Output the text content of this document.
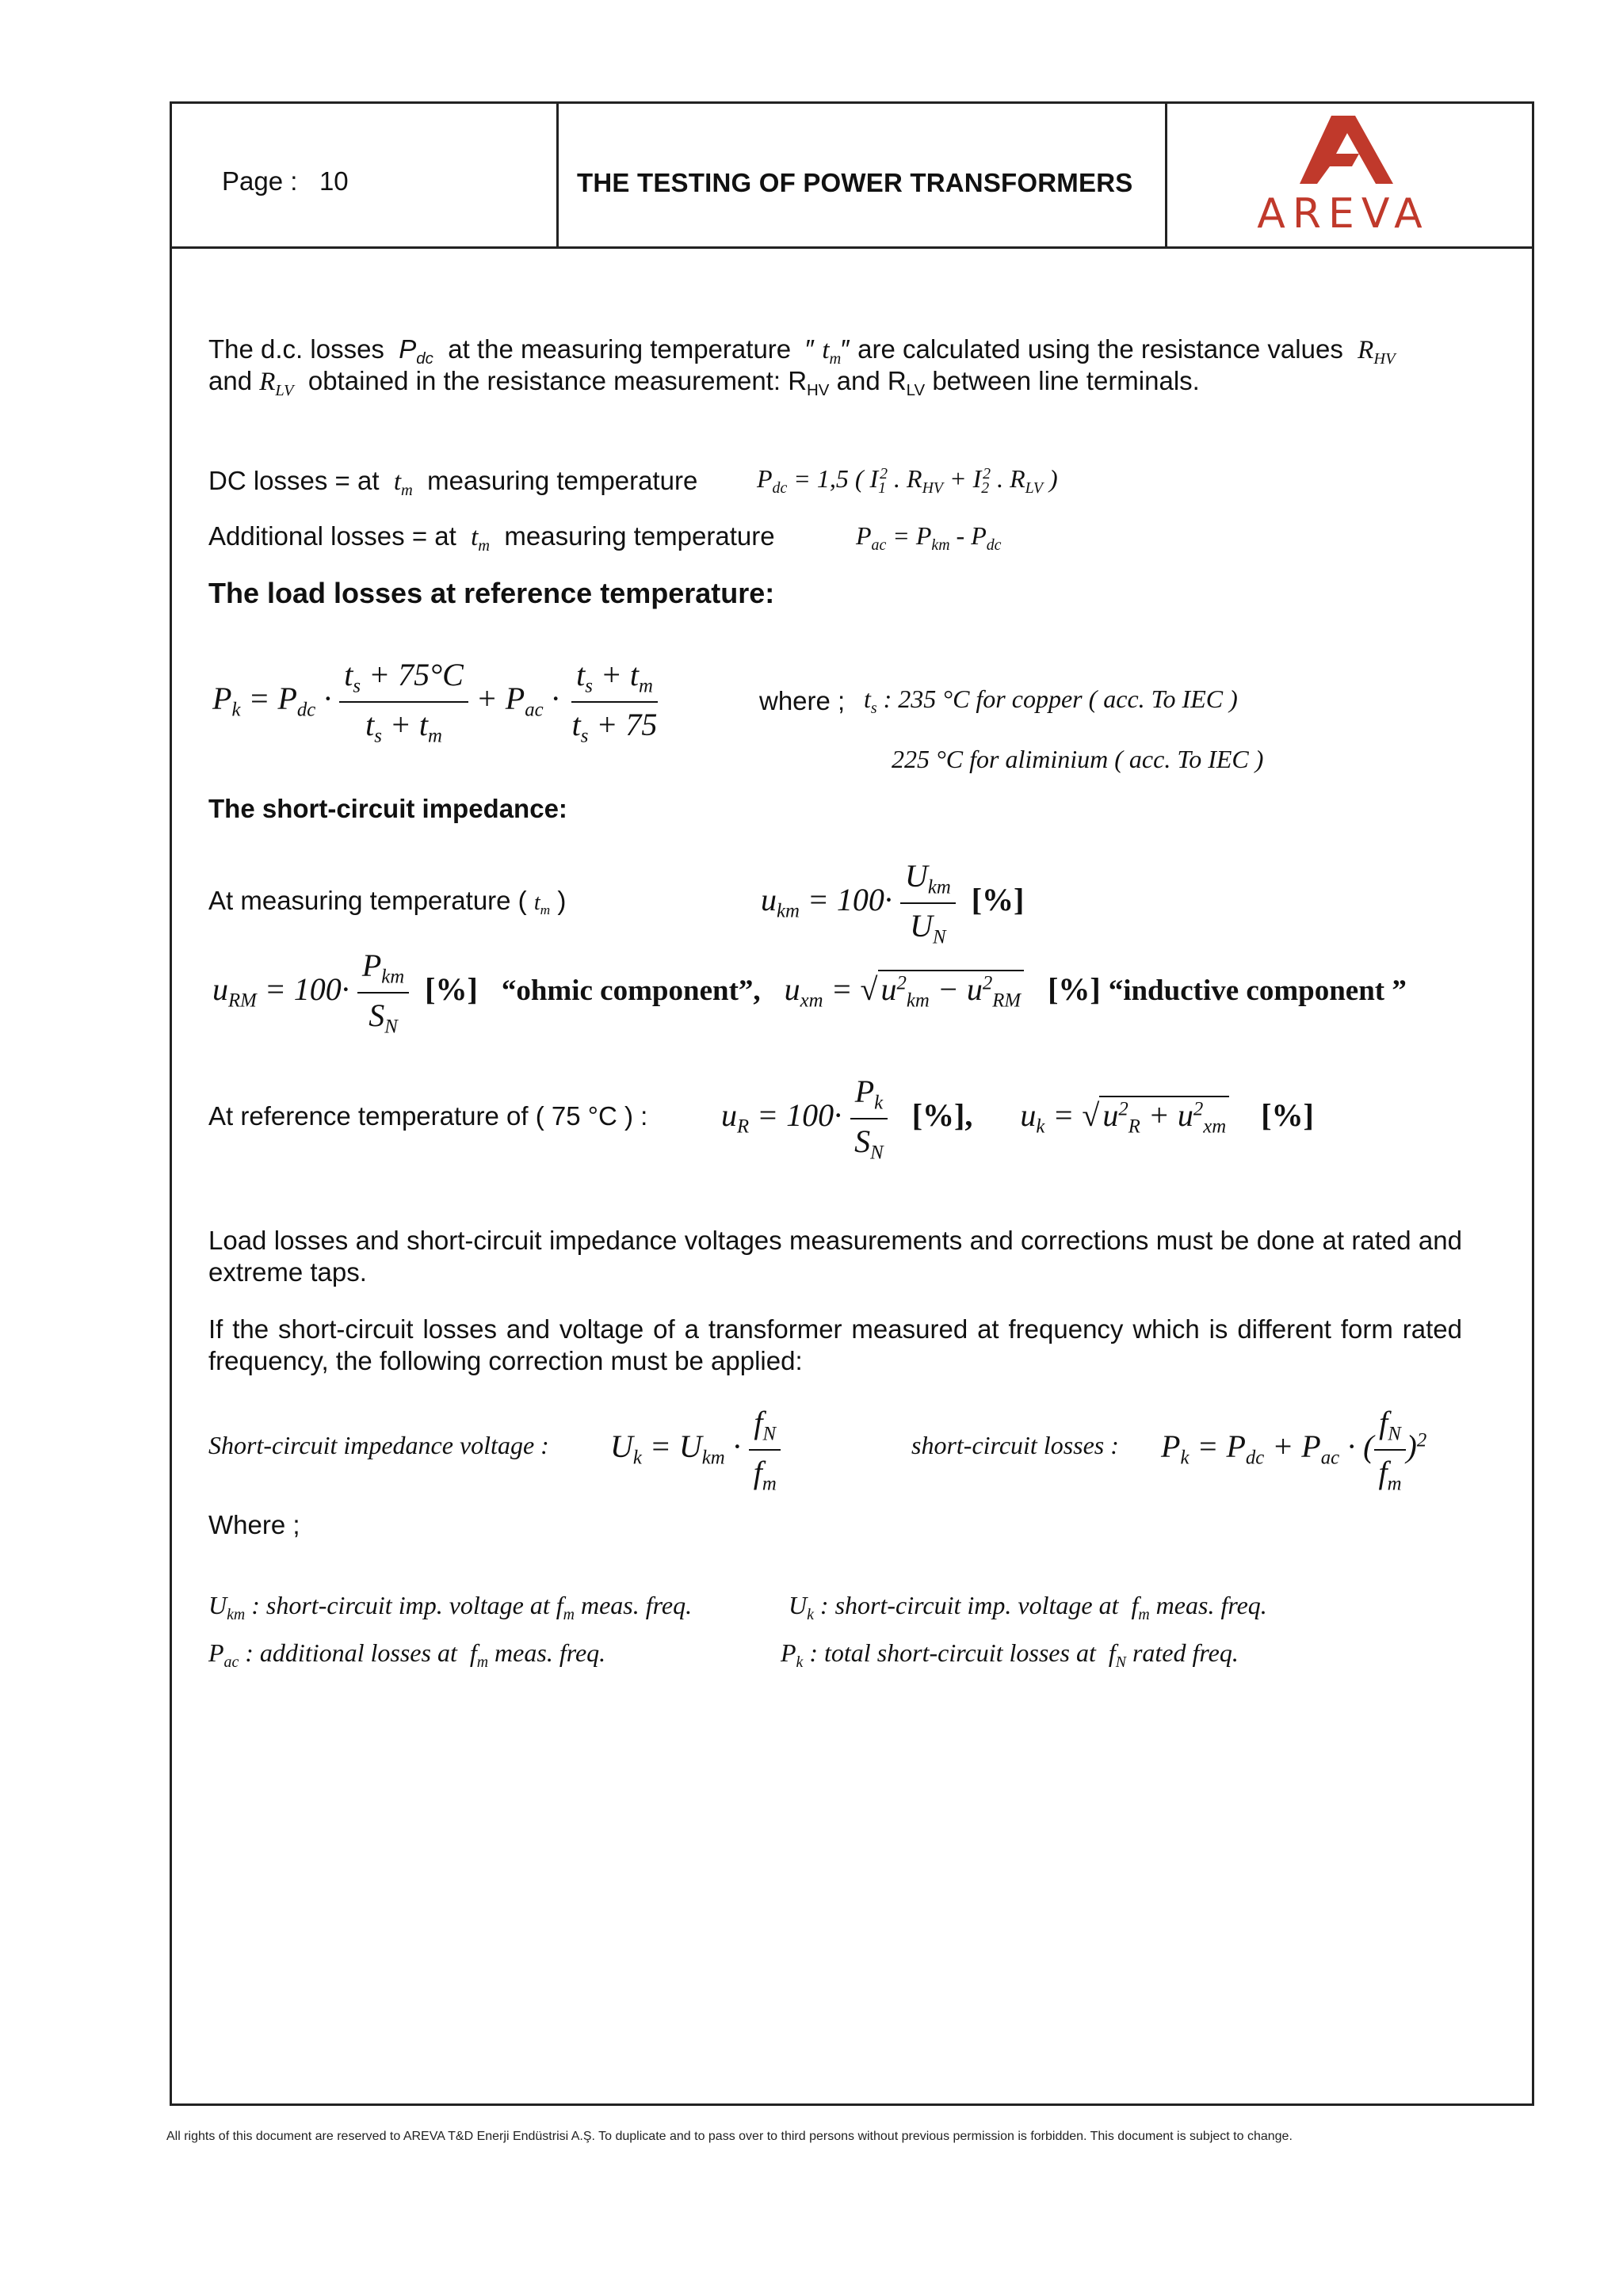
Page : 10	THE TESTING OF POWER TRANSFORMERS
AREVA
The d.c. losses $P_{dc}$ at the measuring temperature  ″ $t_m''$ are calculated using the resistance values $R_{HV}$
and $R_{LV}$ obtained in the resistance measurement: $R_{HV}$ and $R_{LV}$ between line terminals.
DC losses = at $t_m$ measuring temperature $P_{dc} = 1,5$ ( $I_1^2$ . $R_{HV} + I_2^2$ . $R_{LV}$ )
Additional losses = at $t_m$ measuring temperature	$P_{ac} = P_{km} - P_{dc}$
The load losses at reference temperature:
$P_k = P_{dc} \cdot \frac{t_s + 75^\circ C}{t_s + t_m} + P_{ac} \cdot \frac{t_s + t_m}{t_s + 75}$	where ; $t_s$ : 235 °C for copper ( acc. To IEC )
225 °C for aliminium ( acc. To IEC )
The short-circuit impedance:
At measuring temperature ( $t_m$ )	$u_{km} = 100\cdot \frac{U_{km}}{U_N}$ [%]
$u_{RM} = 100\cdot \frac{P_{km}}{S_N}$ [%] “ohmic component”,   $u_{xm}$ = √ $u^2_{km} - u^2_{RM}$ [%] “inductive component ”
At reference temperature of ( 75 °C ) : $u_R = 100\cdot \frac{P_k}{S_N}$ [%],      $u_k$ = √ $u^2_R + u^2_{xm}$ [%]
Load losses and short-circuit impedance voltages measurements and corrections must be done at rated and extreme taps.
If the short-circuit losses and voltage of a transformer measured at frequency which is different form rated frequency, the following correction must be applied:
Short-circuit impedance voltage : $U_k = U_{km} \cdot \frac{f_N}{f_m}$	short-circuit losses : $P_k = P_{dc} + P_{ac}$ · ( $\frac{f_N}{f_m} )^2$
Where ;
$U_{km}$ : short-circuit imp. voltage at $f_m$ meas. freq.	$U_k$ : short-circuit imp. voltage at  $f_m$ meas. freq.
$P_{ac}$ : additional losses at  $f_m$ meas. freq.	$P_k$ : total short-circuit losses at  $f_N$ rated freq.
All rights of this document are reserved to AREVA T&D Enerji Endüstrisi A.Ş. To duplicate and to pass over to third persons without previous permission is forbidden. This document is subject to change.
